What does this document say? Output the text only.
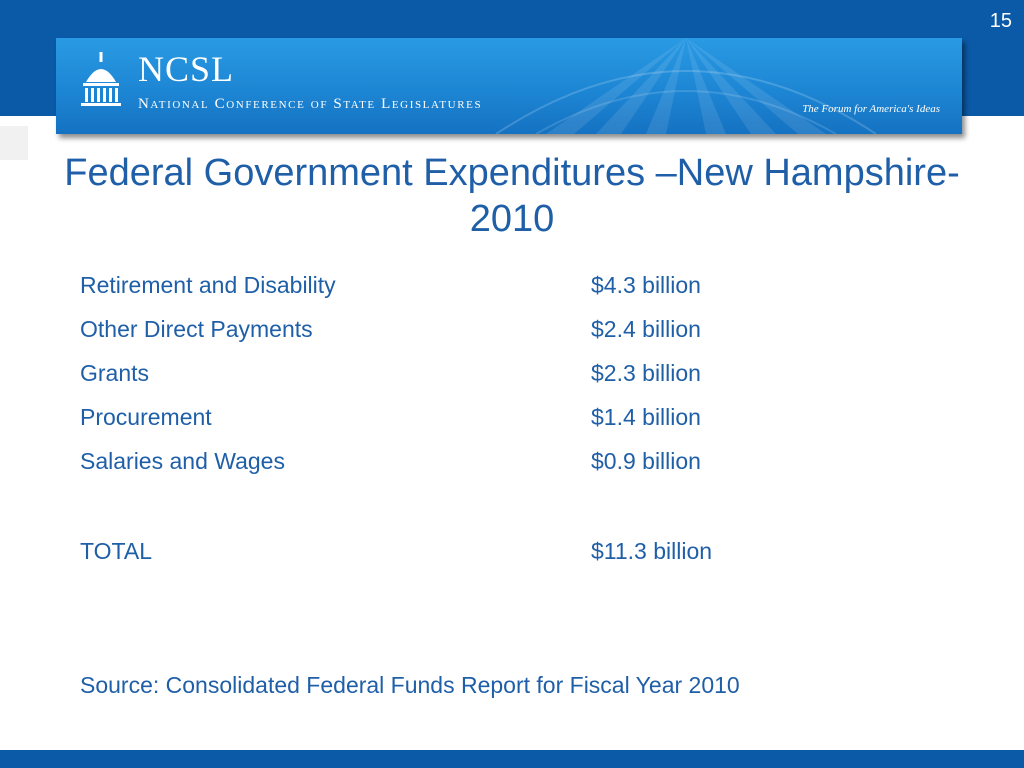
15
NCSL
National Conference of State Legislatures	The Forum for America's Ideas
Federal Government Expenditures –New Hampshire-2010
Retirement and Disability	$4.3 billion
Other Direct Payments	$2.4 billion
Grants	$2.3 billion
Procurement	$1.4 billion
Salaries and Wages	$0.9 billion
TOTAL	$11.3 billion
Source: Consolidated Federal Funds Report for Fiscal Year 2010
